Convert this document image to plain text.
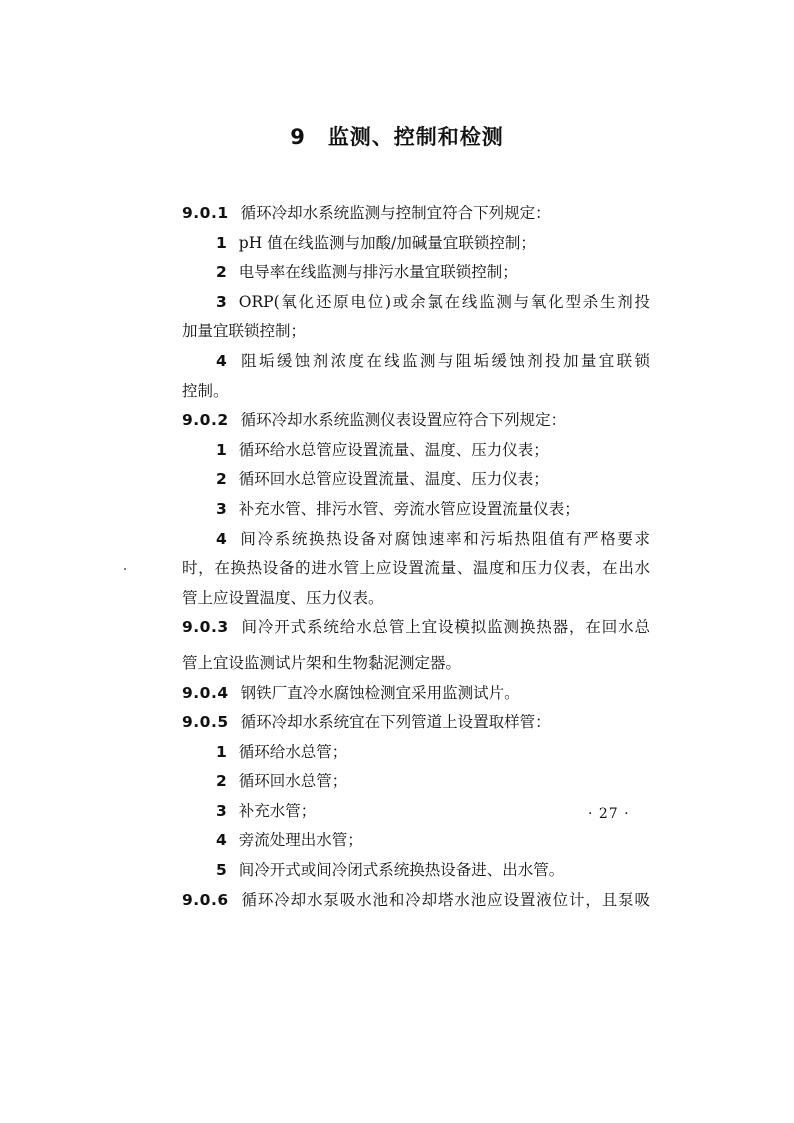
9 监测、控制和检测
9.0.1 循环冷却水系统监测与控制宜符合下列规定：
1 pH 值在线监测与加酸/加碱量宜联锁控制；
2 电导率在线监测与排污水量宜联锁控制；
3 ORP(氧化还原电位)或余氯在线监测与氧化型杀生剂投
加量宜联锁控制；
4 阻垢缓蚀剂浓度在线监测与阻垢缓蚀剂投加量宜联锁
控制。
9.0.2 循环冷却水系统监测仪表设置应符合下列规定：
1 循环给水总管应设置流量、温度、压力仪表；
2 循环回水总管应设置流量、温度、压力仪表；
3 补充水管、排污水管、旁流水管应设置流量仪表；
4 间冷系统换热设备对腐蚀速率和污垢热阻值有严格要求
时，在换热设备的进水管上应设置流量、温度和压力仪表，在出水
管上应设置温度、压力仪表。
9.0.3 间冷开式系统给水总管上宜设模拟监测换热器，在回水总
管上宜设监测试片架和生物黏泥测定器。
9.0.4 钢铁厂直冷水腐蚀检测宜采用监测试片。
9.0.5 循环冷却水系统宜在下列管道上设置取样管：
1 循环给水总管；
2 循环回水总管；
3 补充水管；
4 旁流处理出水管；
5 间冷开式或间冷闭式系统换热设备进、出水管。
9.0.6 循环冷却水泵吸水池和冷却塔水池应设置液位计，且泵吸
· 27 ·
